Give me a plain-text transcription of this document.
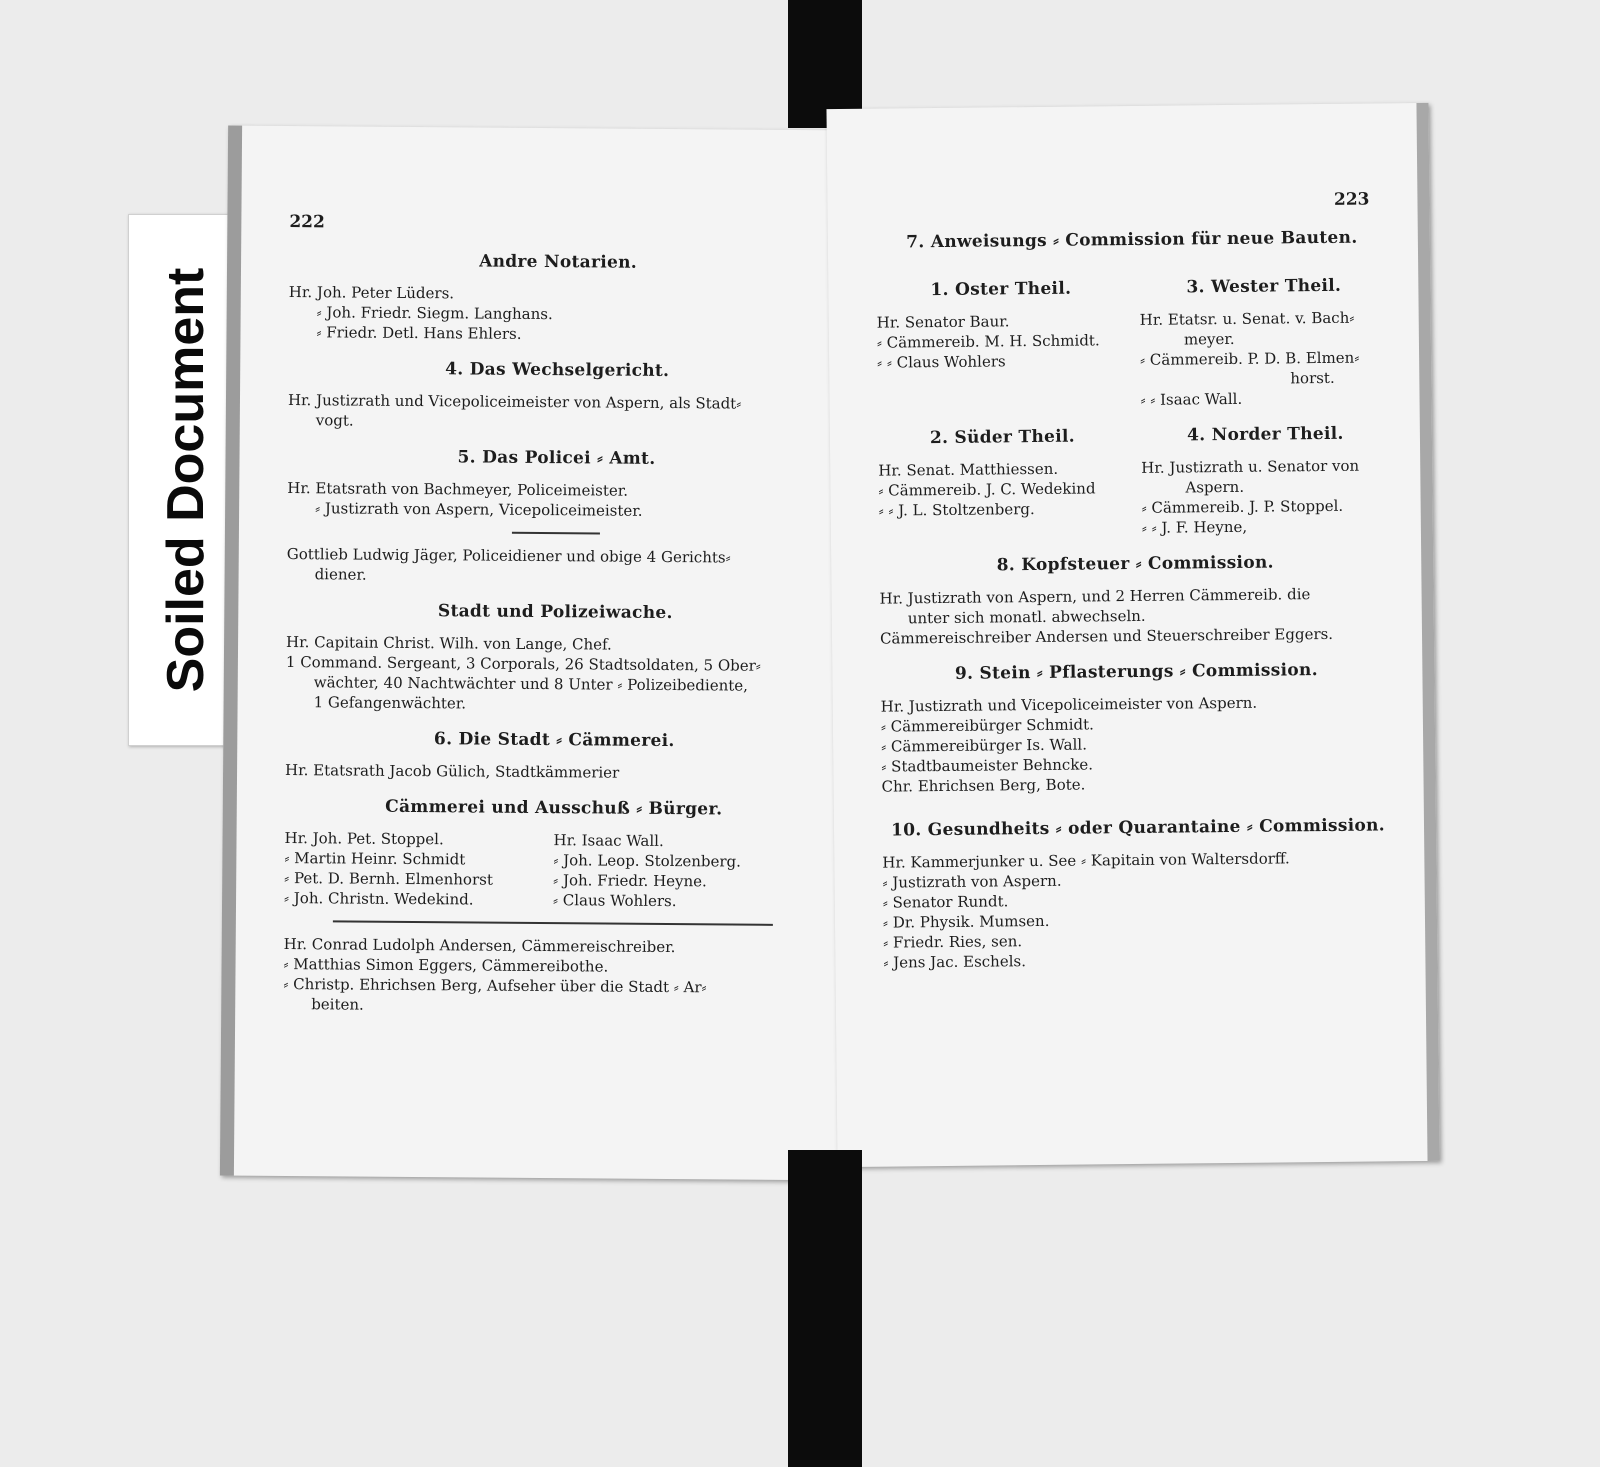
Soiled Document
222
Andre Notarien.
Hr. Joh. Peter Lüders.
⸗ Joh. Friedr. Siegm. Langhans.
⸗ Friedr. Detl. Hans Ehlers.
4. Das Wechselgericht.
Hr. Justizrath und Vicepoliceimeister von Aspern, als Stadt⸗
vogt.
5. Das Policei ⸗ Amt.
Hr. Etatsrath von Bachmeyer, Policeimeister.
⸗ Justizrath von Aspern, Vicepoliceimeister.
Gottlieb Ludwig Jäger, Policeidiener und obige 4 Gerichts⸗
diener.
Stadt und Polizeiwache.
Hr. Capitain Christ. Wilh. von Lange, Chef.
1 Command. Sergeant, 3 Corporals, 26 Stadtsoldaten, 5 Ober⸗
wächter, 40 Nachtwächter und 8 Unter ⸗ Polizeibediente,
1 Gefangenwächter.
6. Die Stadt ⸗ Cämmerei.
Hr. Etatsrath Jacob Gülich, Stadtkämmerier
Cämmerei und Ausschuß ⸗ Bürger.
Hr. Joh. Pet. Stoppel.
⸗ Martin Heinr. Schmidt
⸗ Pet. D. Bernh. Elmenhorst
⸗ Joh. Christn. Wedekind.
Hr. Isaac Wall.
⸗ Joh. Leop. Stolzenberg.
⸗ Joh. Friedr. Heyne.
⸗ Claus Wohlers.
Hr. Conrad Ludolph Andersen, Cämmereischreiber.
⸗ Matthias Simon Eggers, Cämmereibothe.
⸗ Christp. Ehrichsen Berg, Aufseher über die Stadt ⸗ Ar⸗
beiten.
223
7. Anweisungs ⸗ Commission für neue Bauten.
1. Oster Theil.
Hr. Senator Baur.
⸗ Cämmereib. M. H. Schmidt.
⸗ ⸗ Claus Wohlers
3. Wester Theil.
Hr. Etatsr. u. Senat. v. Bach⸗
meyer.
⸗ Cämmereib. P. D. B. Elmen⸗
horst.
⸗ ⸗ Isaac Wall.
2. Süder Theil.
Hr. Senat. Matthiessen.
⸗ Cämmereib. J. C. Wedekind
⸗ ⸗ J. L. Stoltzenberg.
4. Norder Theil.
Hr. Justizrath u. Senator von
Aspern.
⸗ Cämmereib. J. P. Stoppel.
⸗ ⸗ J. F. Heyne,
8. Kopfsteuer ⸗ Commission.
Hr. Justizrath von Aspern, und 2 Herren Cämmereib. die
unter sich monatl. abwechseln.
Cämmereischreiber Andersen und Steuerschreiber Eggers.
9. Stein ⸗ Pflasterungs ⸗ Commission.
Hr. Justizrath und Vicepoliceimeister von Aspern.
⸗ Cämmereibürger Schmidt.
⸗ Cämmereibürger Is. Wall.
⸗ Stadtbaumeister Behncke.
Chr. Ehrichsen Berg, Bote.
10. Gesundheits ⸗ oder Quarantaine ⸗ Commission.
Hr. Kammerjunker u. See ⸗ Kapitain von Waltersdorff.
⸗ Justizrath von Aspern.
⸗ Senator Rundt.
⸗ Dr. Physik. Mumsen.
⸗ Friedr. Ries, sen.
⸗ Jens Jac. Eschels.
